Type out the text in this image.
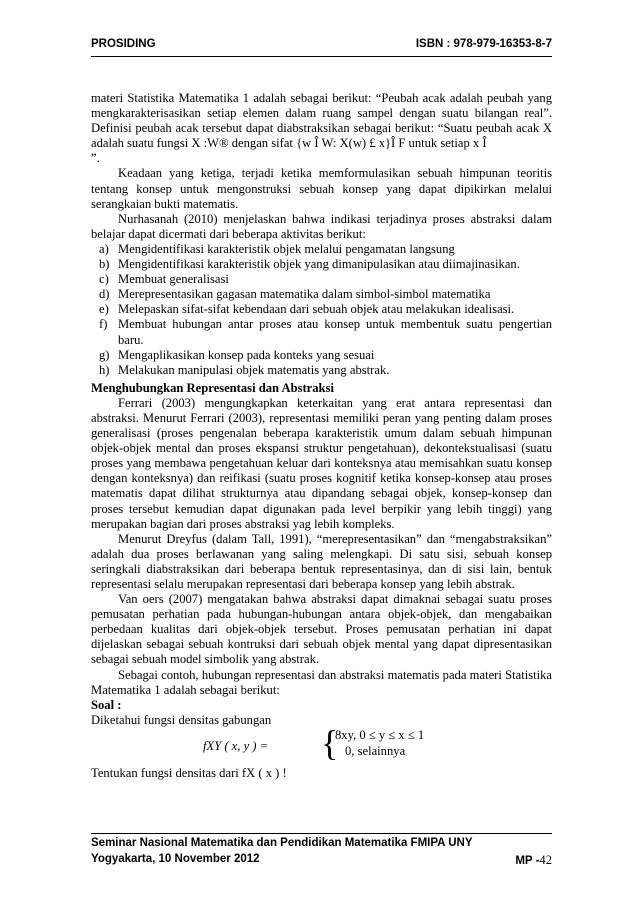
PROSIDING	ISBN : 978-979-16353-8-7

materi Statistika Matematika 1 adalah sebagai berikut: “Peubah acak adalah peubah yang mengkarakterisasikan setiap elemen dalam ruang sampel dengan suatu bilangan real”. Definisi peubah acak tersebut dapat diabstraksikan sebagai berikut: “Suatu peubah acak X adalah suatu fungsi X :W® dengan sifat {w Î W: X(w) £ x}Î F untuk setiap x Î
”.

Keadaan yang ketiga, terjadi ketika memformulasikan sebuah himpunan teoritis tentang konsep untuk mengonstruksi sebuah konsep yang dapat dipikirkan melalui serangkaian bukti matematis.

Nurhasanah (2010) menjelaskan bahwa indikasi terjadinya proses abstraksi dalam belajar dapat dicermati dari beberapa aktivitas berikut:

a) Mengidentifikasi karakteristik objek melalui pengamatan langsung
b) Mengidentifikasi karakteristik objek yang dimanipulasikan atau diimajinasikan.
c) Membuat generalisasi
d) Merepresentasikan gagasan matematika dalam simbol-simbol matematika
e) Melepaskan sifat-sifat kebendaan dari sebuah objek atau melakukan idealisasi.
f) Membuat hubungan antar proses atau konsep untuk membentuk suatu pengertian baru.
g) Mengaplikasikan konsep pada konteks yang sesuai
h) Melakukan manipulasi objek matematis yang abstrak.

Menghubungkan Representasi dan Abstraksi

Ferrari (2003) mengungkapkan keterkaitan yang erat antara representasi dan abstraksi. Menurut Ferrari (2003), representasi memiliki peran yang penting dalam proses generalisasi (proses pengenalan beberapa karakteristik umum dalam sebuah himpunan objek-objek mental dan proses ekspansi struktur pengetahuan), dekontekstualisasi (suatu proses yang membawa pengetahuan keluar dari konteksnya atau memisahkan suatu konsep dengan konteksnya) dan reifikasi (suatu proses kognitif ketika konsep-konsep atau proses matematis dapat dilihat strukturnya atau dipandang sebagai objek, konsep-konsep dan proses tersebut kemudian dapat digunakan pada level berpikir yang lebih tinggi) yang merupakan bagian dari proses abstraksi yag lebih kompleks.

Menurut Dreyfus (dalam Tall, 1991), “merepresentasikan” dan “mengabstraksikan” adalah dua proses berlawanan yang saling melengkapi. Di satu sisi, sebuah konsep seringkali diabstraksikan dari beberapa bentuk representasinya, dan di sisi lain, bentuk representasi selalu merupakan representasi dari beberapa konsep yang lebih abstrak.

Van oers (2007) mengatakan bahwa abstraksi dapat dimaknai sebagai suatu proses pemusatan perhatian pada hubungan-hubungan antara objek-objek, dan mengabaikan perbedaan kualitas dari objek-objek tersebut. Proses pemusatan perhatian ini dapat dijelaskan sebagai sebuah kontruksi dari sebuah objek mental yang dapat dipresentasikan sebagai sebuah model simbolik yang abstrak.

Sebagai contoh, hubungan representasi dan abstraksi matematis pada materi Statistika Matematika 1 adalah sebagai berikut:

Soal :

Diketahui fungsi densitas gabungan

fXY ( x, y ) = {
8xy, 0 ≤ y ≤ x ≤ 1
0, selainnya

Tentukan fungsi densitas dari fX ( x ) !

Seminar Nasional Matematika dan Pendidikan Matematika FMIPA UNY
Yogyakarta, 10 November 2012	MP -42
